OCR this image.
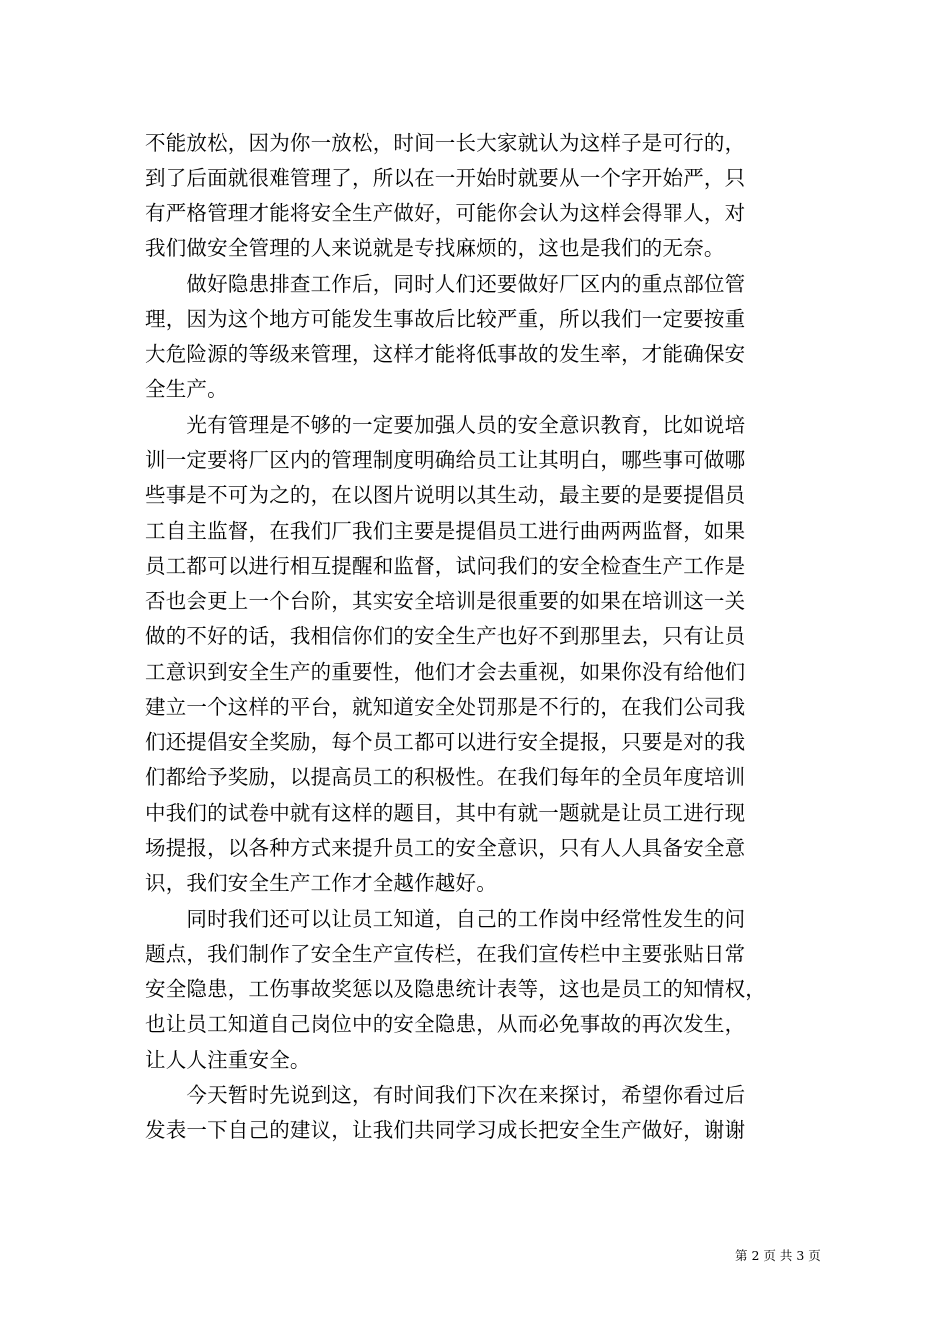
不能放松，因为你一放松，时间一长大家就认为这样子是可行的，
到了后面就很难管理了，所以在一开始时就要从一个字开始严，只
有严格管理才能将安全生产做好，可能你会认为这样会得罪人，对
我们做安全管理的人来说就是专找麻烦的，这也是我们的无奈。
　　做好隐患排查工作后，同时人们还要做好厂区内的重点部位管
理，因为这个地方可能发生事故后比较严重，所以我们一定要按重
大危险源的等级来管理，这样才能将低事故的发生率，才能确保安
全生产。
　　光有管理是不够的一定要加强人员的安全意识教育，比如说培
训一定要将厂区内的管理制度明确给员工让其明白，哪些事可做哪
些事是不可为之的，在以图片说明以其生动，最主要的是要提倡员
工自主监督，在我们厂我们主要是提倡员工进行曲两两监督，如果
员工都可以进行相互提醒和监督，试问我们的安全检查生产工作是
否也会更上一个台阶，其实安全培训是很重要的如果在培训这一关
做的不好的话，我相信你们的安全生产也好不到那里去，只有让员
工意识到安全生产的重要性，他们才会去重视，如果你没有给他们
建立一个这样的平台，就知道安全处罚那是不行的，在我们公司我
们还提倡安全奖励，每个员工都可以进行安全提报，只要是对的我
们都给予奖励，以提高员工的积极性。在我们每年的全员年度培训
中我们的试卷中就有这样的题目，其中有就一题就是让员工进行现
场提报，以各种方式来提升员工的安全意识，只有人人具备安全意
识，我们安全生产工作才全越作越好。
　　同时我们还可以让员工知道，自己的工作岗中经常性发生的问
题点，我们制作了安全生产宣传栏，在我们宣传栏中主要张贴日常
安全隐患，工伤事故奖惩以及隐患统计表等，这也是员工的知情权，
也让员工知道自己岗位中的安全隐患，从而必免事故的再次发生，
让人人注重安全。
　　今天暂时先说到这，有时间我们下次在来探讨，希望你看过后
发表一下自己的建议，让我们共同学习成长把安全生产做好，谢谢
第 2 页 共 3 页
